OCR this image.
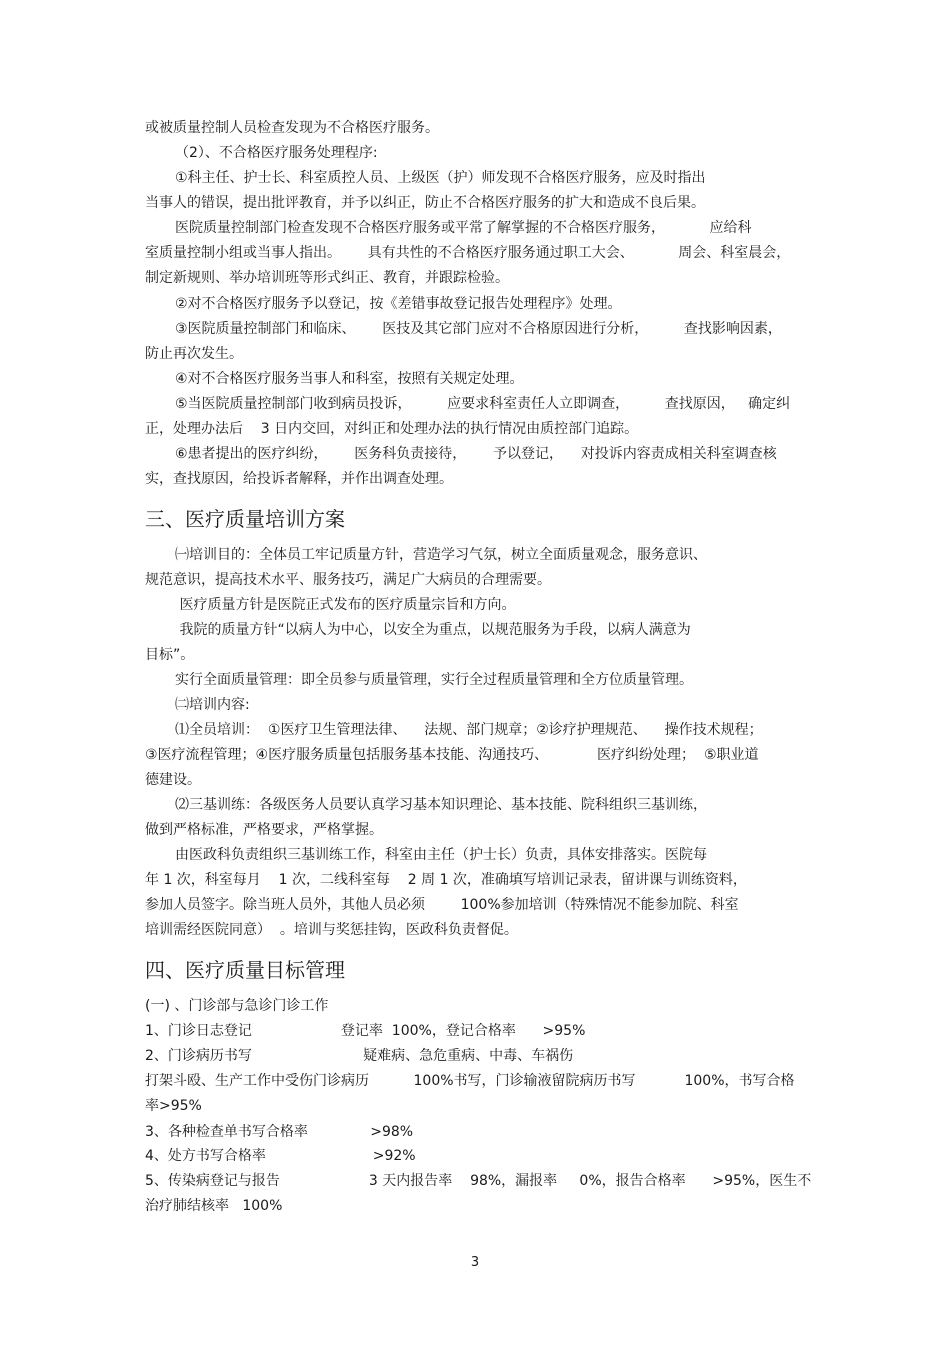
或被质量控制人员检查发现为不合格医疗服务。

（2）、不合格医疗服务处理程序:

①科主任、护士长、科室质控人员、上级医（护）师发现不合格医疗服务，应及时指出

当事人的错误，提出批评教育，并予以纠正，防止不合格医疗服务的扩大和造成不良后果。

医院质量控制部门检查发现不合格医疗服务或平常了解掌握的不合格医疗服务，          应给科

室质量控制小组或当事人指出。      具有共性的不合格医疗服务通过职工大会、          周会、科室晨会，

制定新规则、举办培训班等形式纠正、教育，并跟踪检验。

②对不合格医疗服务予以登记，按《差错事故登记报告处理程序》处理。

③医院质量控制部门和临床、      医技及其它部门应对不合格原因进行分析，        查找影响因素，

防止再次发生。

④对不合格医疗服务当事人和科室，按照有关规定处理。

⑤当医院质量控制部门收到病员投诉，        应要求科室责任人立即调查，        查找原因，   确定纠

正，处理办法后    3 日内交回，对纠正和处理办法的执行情况由质控部门追踪。

⑥患者提出的医疗纠纷，      医务科负责接待，      予以登记，    对投诉内容责成相关科室调查核

实，查找原因，给投诉者解释，并作出调查处理。

三、医疗质量培训方案

㈠培训目的：全体员工牢记质量方针，营造学习气氛，树立全面质量观念，服务意识、

规范意识，提高技术水平、服务技巧，满足广大病员的合理需要。

医疗质量方针是医院正式发布的医疗质量宗旨和方向。

我院的质量方针“以病人为中心，以安全为重点，以规范服务为手段，以病人满意为

目标”。

实行全面质量管理：即全员参与质量管理，实行全过程质量管理和全方位质量管理。

㈡培训内容:

⑴全员培训：  ①医疗卫生管理法律、    法规、部门规章；②诊疗护理规范、    操作技术规程；

③医疗流程管理；④医疗服务质量包括服务基本技能、沟通技巧、           医疗纠纷处理；  ⑤职业道

德建设。

⑵三基训练：各级医务人员要认真学习基本知识理论、基本技能、院科组织三基训练，

做到严格标准，严格要求，严格掌握。

由医政科负责组织三基训练工作，科室由主任（护士长）负责，具体安排落实。医院每

年 1 次，科室每月    1 次，二线科室每    2 周 1 次，准确填写培训记录表，留讲课与训练资料，

参加人员签字。除当班人员外，其他人员必须        100%参加培训（特殊情况不能参加院、科室

培训需经医院同意）  。培训与奖惩挂钩，医政科负责督促。

四、医疗质量目标管理

(一) 、门诊部与急诊门诊工作

1、门诊日志登记                    登记率  100%，登记合格率      >95%

2、门诊病历书写                         疑难病、急危重病、中毒、车祸伤

打架斗殴、生产工作中受伤门诊病历          100%书写，门诊输液留院病历书写           100%，书写合格

率>95%

3、各种检查单书写合格率              >98%

4、处方书写合格率                        >92%

5、传染病登记与报告                    3 天内报告率    98%，漏报率     0%，报告合格率      >95%，医生不

治疗肺结核率   100%

3
